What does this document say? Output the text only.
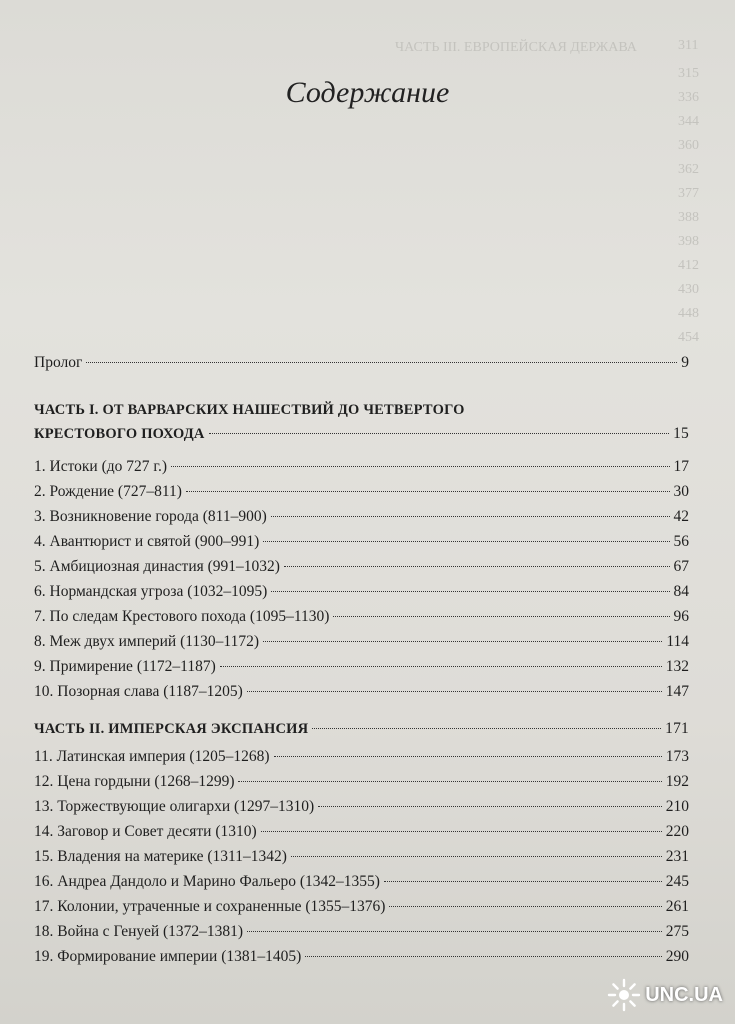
ЧАСТЬ III. ЕВРОПЕЙСКАЯ ДЕРЖАВА	311
315
336
344
360
362
377
388
398
412
430
448
454
Содержание
Пролог	9
ЧАСТЬ I. ОТ ВАРВАРСКИХ НАШЕСТВИЙ ДО ЧЕТВЕРТОГО
КРЕСТОВОГО ПОХОДА	15
1. Истоки (до 727 г.)	17
2. Рождение (727–811)	30
3. Возникновение города (811–900)	42
4. Авантюрист и святой (900–991)	56
5. Амбициозная династия (991–1032)	67
6. Нормандская угроза (1032–1095)	84
7. По следам Крестового похода (1095–1130)	96
8. Меж двух империй (1130–1172)	114
9. Примирение (1172–1187)	132
10. Позорная слава (1187–1205)	147
ЧАСТЬ II. ИМПЕРСКАЯ ЭКСПАНСИЯ	171
11. Латинская империя (1205–1268)	173
12. Цена гордыни (1268–1299)	192
13. Торжествующие олигархи (1297–1310)	210
14. Заговор и Совет десяти (1310)	220
15. Владения на материке (1311–1342)	231
16. Андреа Дандоло и Марино Фальеро (1342–1355)	245
17. Колонии, утраченные и сохраненные (1355–1376)	261
18. Война с Генуей (1372–1381)	275
19. Формирование империи (1381–1405)	290
UNC.UA
